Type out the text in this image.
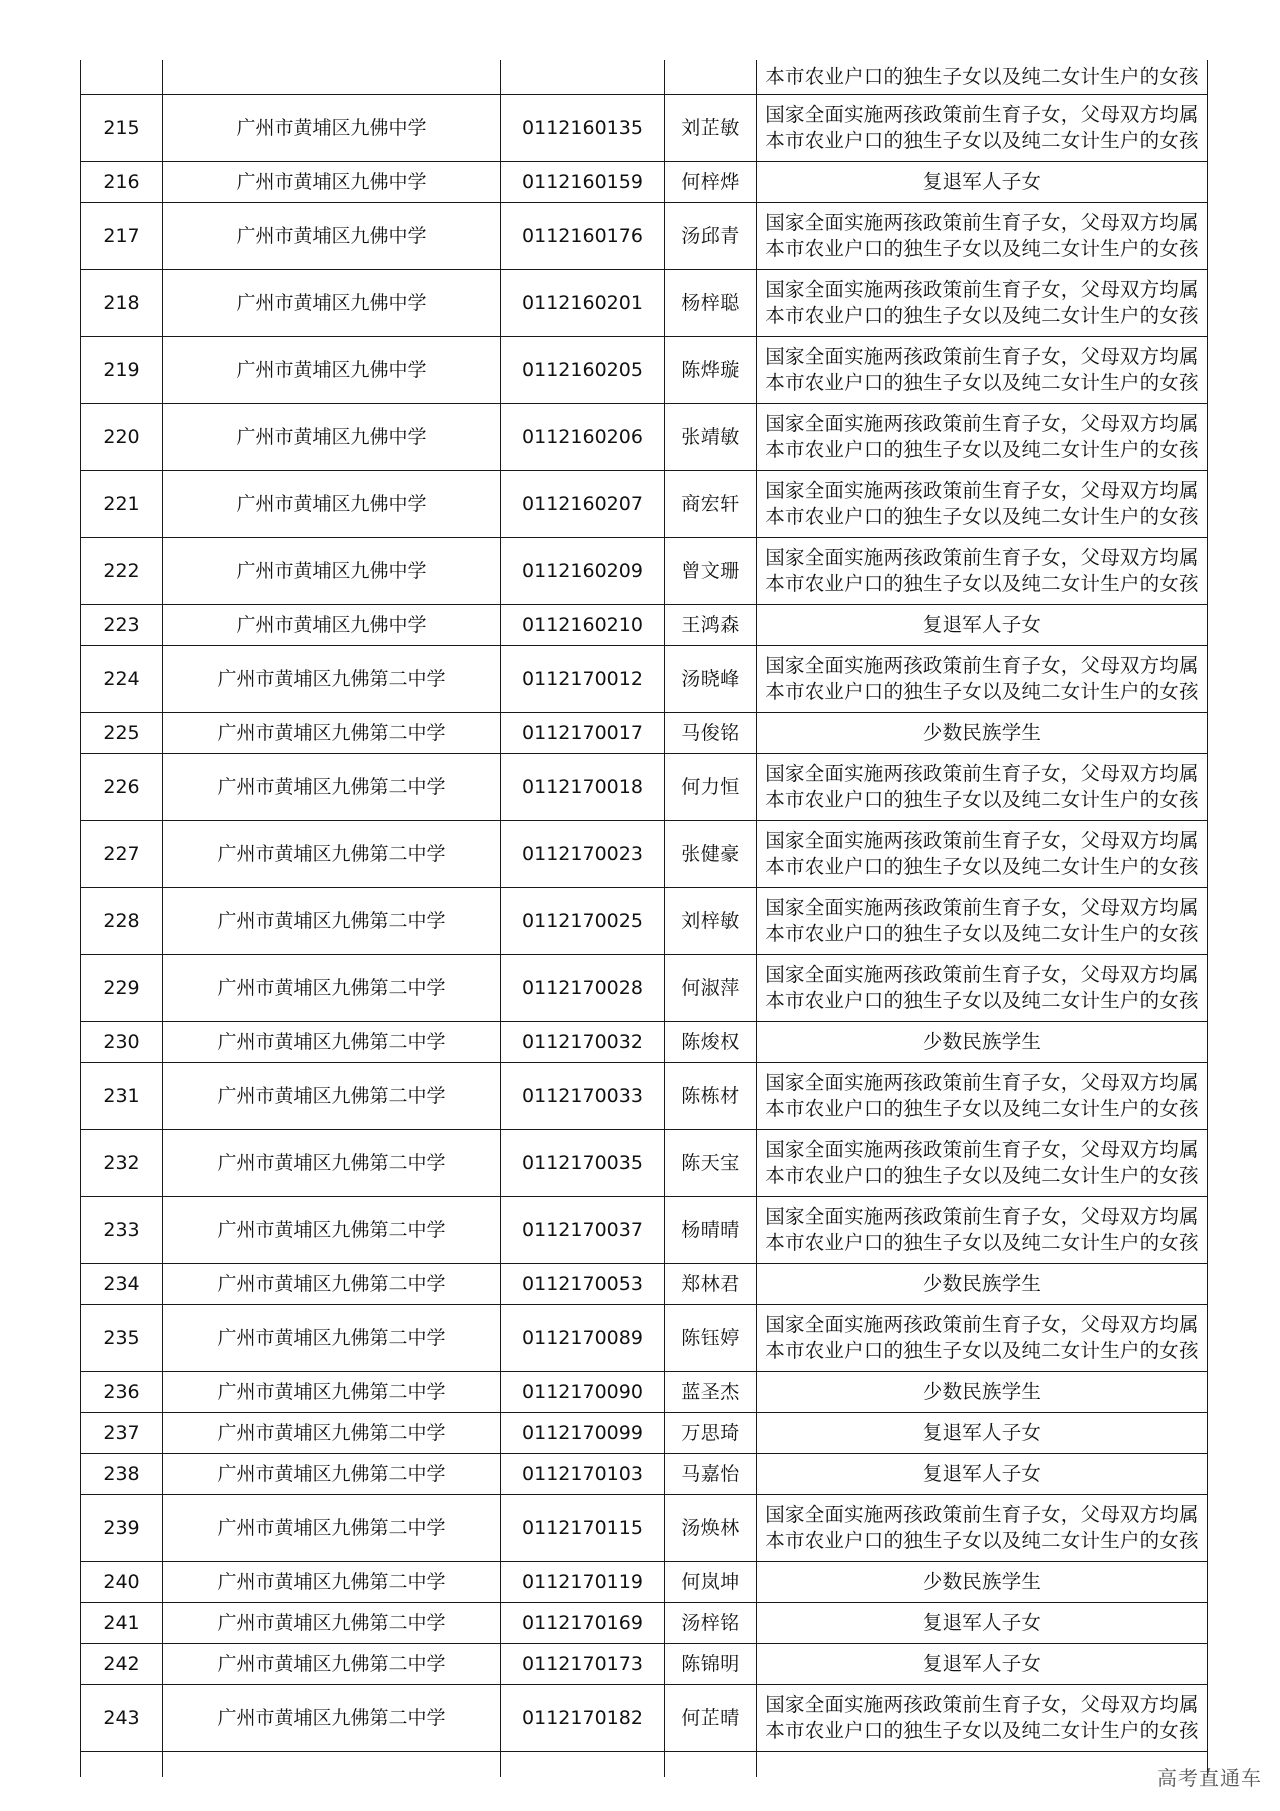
				本市农业户口的独生子女以及纯二女计生户的女孩
215	广州市黄埔区九佛中学	0112160135	刘芷敏	国家全面实施两孩政策前生育子女，父母双方均属本市农业户口的独生子女以及纯二女计生户的女孩
216	广州市黄埔区九佛中学	0112160159	何梓烨	复退军人子女
217	广州市黄埔区九佛中学	0112160176	汤邱青	国家全面实施两孩政策前生育子女，父母双方均属本市农业户口的独生子女以及纯二女计生户的女孩
218	广州市黄埔区九佛中学	0112160201	杨梓聪	国家全面实施两孩政策前生育子女，父母双方均属本市农业户口的独生子女以及纯二女计生户的女孩
219	广州市黄埔区九佛中学	0112160205	陈烨璇	国家全面实施两孩政策前生育子女，父母双方均属本市农业户口的独生子女以及纯二女计生户的女孩
220	广州市黄埔区九佛中学	0112160206	张靖敏	国家全面实施两孩政策前生育子女，父母双方均属本市农业户口的独生子女以及纯二女计生户的女孩
221	广州市黄埔区九佛中学	0112160207	商宏轩	国家全面实施两孩政策前生育子女，父母双方均属本市农业户口的独生子女以及纯二女计生户的女孩
222	广州市黄埔区九佛中学	0112160209	曾文珊	国家全面实施两孩政策前生育子女，父母双方均属本市农业户口的独生子女以及纯二女计生户的女孩
223	广州市黄埔区九佛中学	0112160210	王鸿森	复退军人子女
224	广州市黄埔区九佛第二中学	0112170012	汤晓峰	国家全面实施两孩政策前生育子女，父母双方均属本市农业户口的独生子女以及纯二女计生户的女孩
225	广州市黄埔区九佛第二中学	0112170017	马俊铭	少数民族学生
226	广州市黄埔区九佛第二中学	0112170018	何力恒	国家全面实施两孩政策前生育子女，父母双方均属本市农业户口的独生子女以及纯二女计生户的女孩
227	广州市黄埔区九佛第二中学	0112170023	张健豪	国家全面实施两孩政策前生育子女，父母双方均属本市农业户口的独生子女以及纯二女计生户的女孩
228	广州市黄埔区九佛第二中学	0112170025	刘梓敏	国家全面实施两孩政策前生育子女，父母双方均属本市农业户口的独生子女以及纯二女计生户的女孩
229	广州市黄埔区九佛第二中学	0112170028	何淑萍	国家全面实施两孩政策前生育子女，父母双方均属本市农业户口的独生子女以及纯二女计生户的女孩
230	广州市黄埔区九佛第二中学	0112170032	陈焌权	少数民族学生
231	广州市黄埔区九佛第二中学	0112170033	陈栋材	国家全面实施两孩政策前生育子女，父母双方均属本市农业户口的独生子女以及纯二女计生户的女孩
232	广州市黄埔区九佛第二中学	0112170035	陈天宝	国家全面实施两孩政策前生育子女，父母双方均属本市农业户口的独生子女以及纯二女计生户的女孩
233	广州市黄埔区九佛第二中学	0112170037	杨晴晴	国家全面实施两孩政策前生育子女，父母双方均属本市农业户口的独生子女以及纯二女计生户的女孩
234	广州市黄埔区九佛第二中学	0112170053	郑林君	少数民族学生
235	广州市黄埔区九佛第二中学	0112170089	陈钰婷	国家全面实施两孩政策前生育子女，父母双方均属本市农业户口的独生子女以及纯二女计生户的女孩
236	广州市黄埔区九佛第二中学	0112170090	蓝圣杰	少数民族学生
237	广州市黄埔区九佛第二中学	0112170099	万思琦	复退军人子女
238	广州市黄埔区九佛第二中学	0112170103	马嘉怡	复退军人子女
239	广州市黄埔区九佛第二中学	0112170115	汤焕林	国家全面实施两孩政策前生育子女，父母双方均属本市农业户口的独生子女以及纯二女计生户的女孩
240	广州市黄埔区九佛第二中学	0112170119	何岚坤	少数民族学生
241	广州市黄埔区九佛第二中学	0112170169	汤梓铭	复退军人子女
242	广州市黄埔区九佛第二中学	0112170173	陈锦明	复退军人子女
243	广州市黄埔区九佛第二中学	0112170182	何芷晴	国家全面实施两孩政策前生育子女，父母双方均属本市农业户口的独生子女以及纯二女计生户的女孩

高考直通车
